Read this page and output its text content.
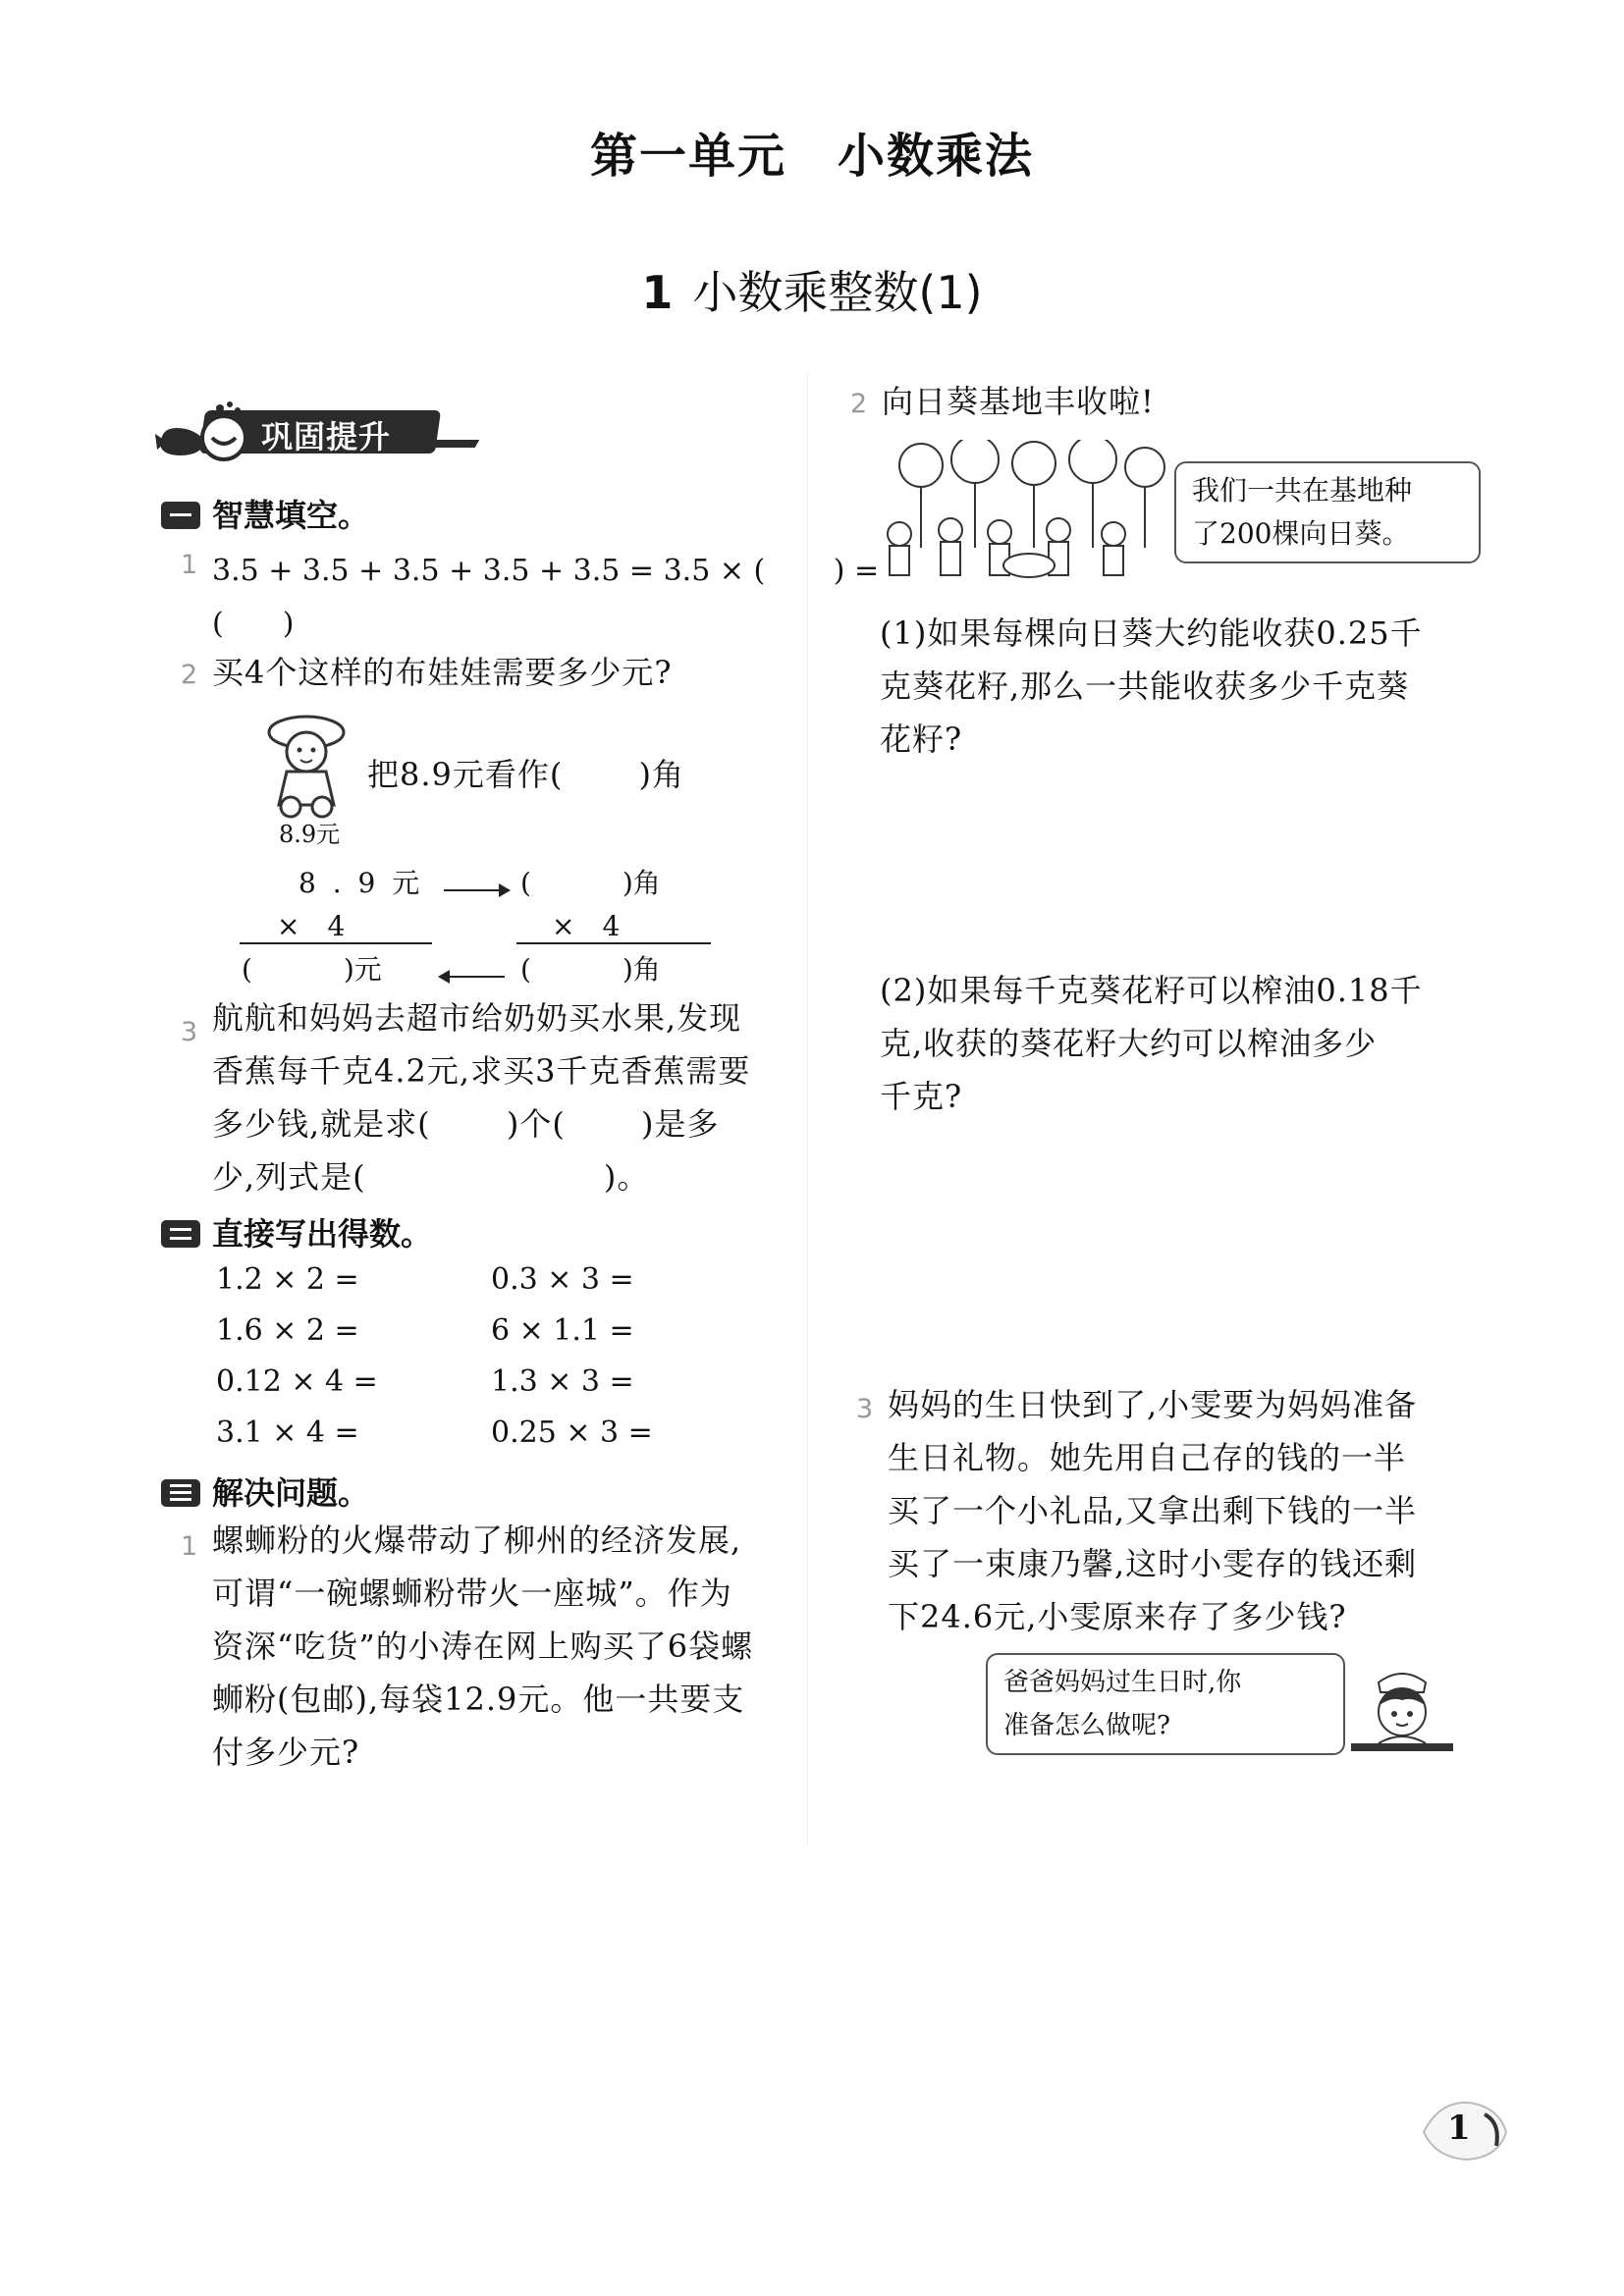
第一单元 小数乘法
1 小数乘整数(1)
巩固提升
智慧填空。
1 3.5 + 3.5 + 3.5 + 3.5 + 3.5 = 3.5 × (　　 ) =
(　　)
2 买4个这样的布娃娃需要多少元?
8.9元
把8.9元看作(　　 )角
8 . 9 元	(　　　 )角
×　4	×　4
(　　　 )元	(　　　 )角
3 航航和妈妈去超市给奶奶买水果,发现
香蕉每千克4.2元,求买3千克香蕉需要
多少钱,就是求(　　 )个(　　 )是多
少,列式是(　　　　　　　 )。
直接写出得数。
1.2 × 2 =	0.3 × 3 =
1.6 × 2 =	6 × 1.1 =
0.12 × 4 =	1.3 × 3 =
3.1 × 4 =	0.25 × 3 =
解决问题。
1 螺蛳粉的火爆带动了柳州的经济发展,
可谓“一碗螺蛳粉带火一座城”。作为
资深“吃货”的小涛在网上购买了6袋螺
蛳粉(包邮),每袋12.9元。他一共要支
付多少元?
2 向日葵基地丰收啦!
我们一共在基地种
了200棵向日葵。
(1)如果每棵向日葵大约能收获0.25千
克葵花籽,那么一共能收获多少千克葵
花籽?
(2)如果每千克葵花籽可以榨油0.18千
克,收获的葵花籽大约可以榨油多少
千克?
3 妈妈的生日快到了,小雯要为妈妈准备
生日礼物。她先用自己存的钱的一半
买了一个小礼品,又拿出剩下钱的一半
买了一束康乃馨,这时小雯存的钱还剩
下24.6元,小雯原来存了多少钱?
爸爸妈妈过生日时,你
准备怎么做呢?
1
